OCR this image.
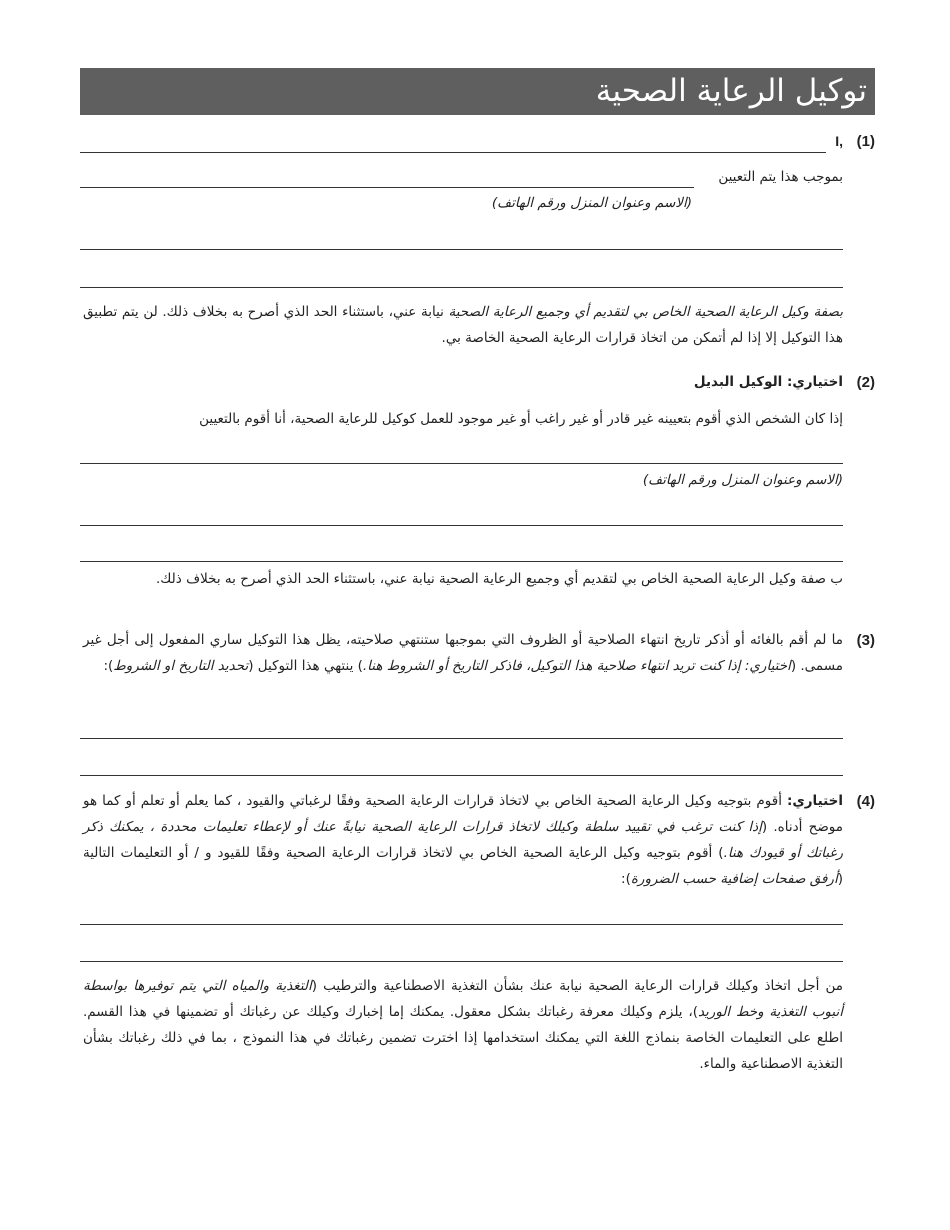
توكيل الرعاية الصحية
(1)
I,
بموجب هذا يتم التعيين
(الاسم وعنوان المنزل ورقم الهاتف)
بصفة وكيل الرعاية الصحية الخاص بي لتقديم أي وجميع الرعاية الصحية نيابة عني، باستثناء الحد الذي أصرح به بخلاف ذلك. لن يتم تطبيق هذا التوكيل إلا إذا لم أتمكن من اتخاذ قرارات الرعاية الصحية الخاصة بي.
(2)
اختياري: الوكيل البديل
إذا كان الشخص الذي أقوم بتعيينه غير قادر أو غير راغب أو غير موجود للعمل كوكيل للرعاية الصحية، أنا أقوم بالتعيين
(الاسم وعنوان المنزل ورقم الهاتف)
ب صفة وكيل الرعاية الصحية الخاص بي لتقديم أي وجميع الرعاية الصحية نيابة عني، باستثناء الحد الذي أصرح به بخلاف ذلك.
(3)
ما لم أقم بالغائه أو أذكر تاريخ انتهاء الصلاحية أو الظروف التي بموجبها ستنتهي صلاحيته، يظل هذا التوكيل ساري المفعول إلى أجل غير مسمى. (اختياري: إذا كنت تريد انتهاء صلاحية هذا التوكيل، فاذكر التاريخ أو الشروط هنا.) ينتهي هذا التوكيل (تحديد التاريخ او الشروط):
(4)
اختياري: أقوم بتوجيه وكيل الرعاية الصحية الخاص بي لاتخاذ قرارات الرعاية الصحية وفقًا لرغباتي والقيود ، كما يعلم أو تعلم أو كما هو موضح أدناه. (إذا كنت ترغب في تقييد سلطة وكيلك لاتخاذ قرارات الرعاية الصحية نيابةً عنك أو لإعطاء تعليمات محددة ، يمكنك ذكر رغباتك أو قيودك هنا.) أقوم بتوجيه وكيل الرعاية الصحية الخاص بي لاتخاذ قرارات الرعاية الصحية وفقًا للقيود و / أو التعليمات التالية (أرفق صفحات إضافية حسب الضرورة):
من أجل اتخاذ وكيلك قرارات الرعاية الصحية نيابة عنك بشأن التغذية الاصطناعية والترطيب (التغذية والمياه التي يتم توفيرها بواسطة أنبوب التغذية وخط الوريد)، يلزم وكيلك معرفة رغباتك بشكل معقول. يمكنك إما إخبارك وكيلك عن رغباتك أو تضمينها في هذا القسم. اطلع على التعليمات الخاصة بنماذج اللغة التي يمكنك استخدامها إذا اخترت تضمين رغباتك في هذا النموذج ، بما في ذلك رغباتك بشأن التغذية الاصطناعية والماء.
